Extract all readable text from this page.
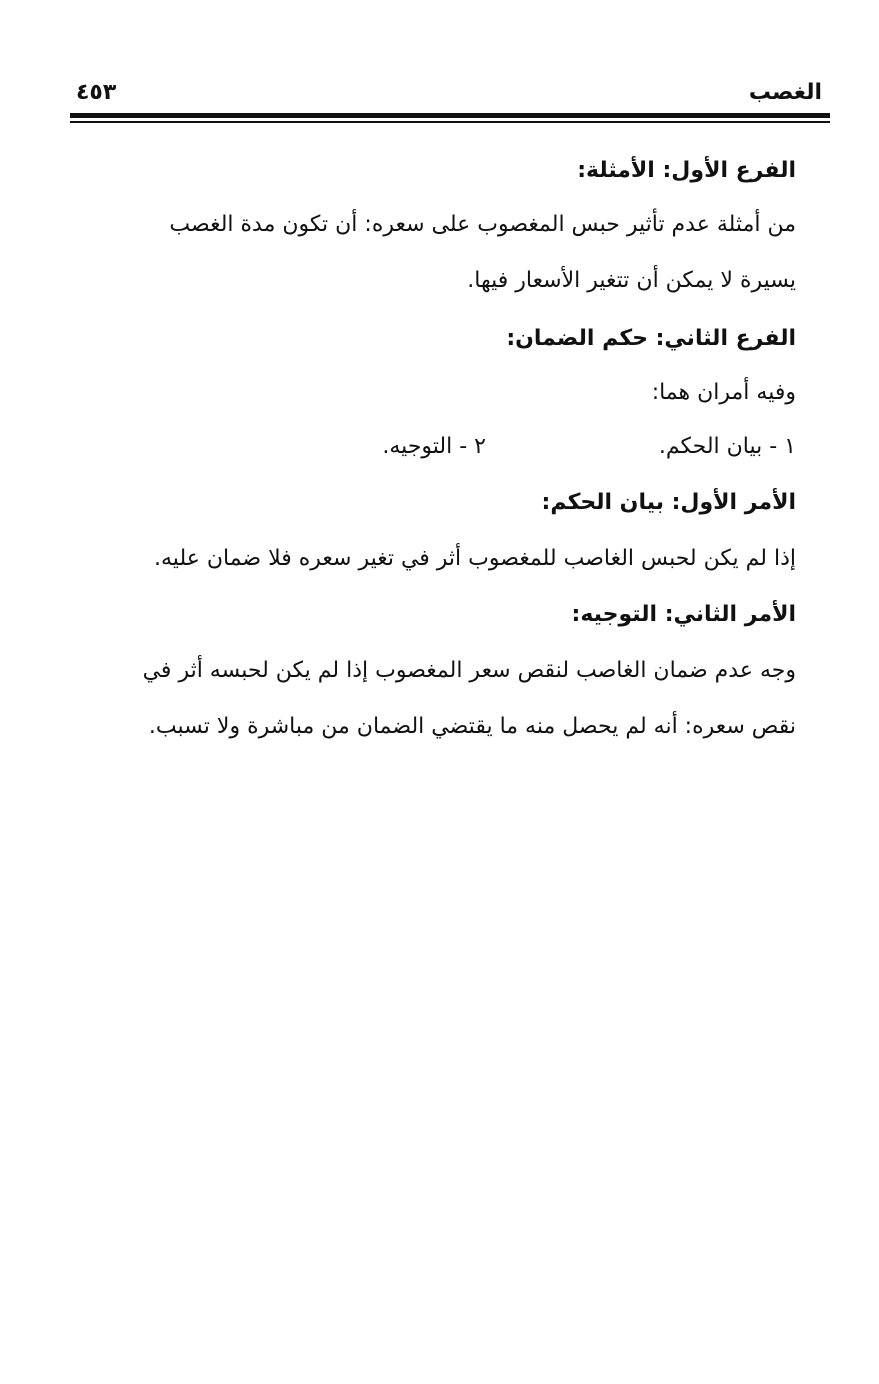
الغصب
٤٥٣
الفرع الأول: الأمثلة:
من أمثلة عدم تأثير حبس المغصوب على سعره: أن تكون مدة الغصب
يسيرة لا يمكن أن تتغير الأسعار فيها.
الفرع الثاني: حكم الضمان:
وفيه أمران هما:
١ - بيان الحكم.
٢ - التوجيه.
الأمر الأول: بيان الحكم:
إذا لم يكن لحبس الغاصب للمغصوب أثر في تغير سعره فلا ضمان عليه.
الأمر الثاني: التوجيه:
وجه عدم ضمان الغاصب لنقص سعر المغصوب إذا لم يكن لحبسه أثر في
نقص سعره: أنه لم يحصل منه ما يقتضي الضمان من مباشرة ولا تسبب.
